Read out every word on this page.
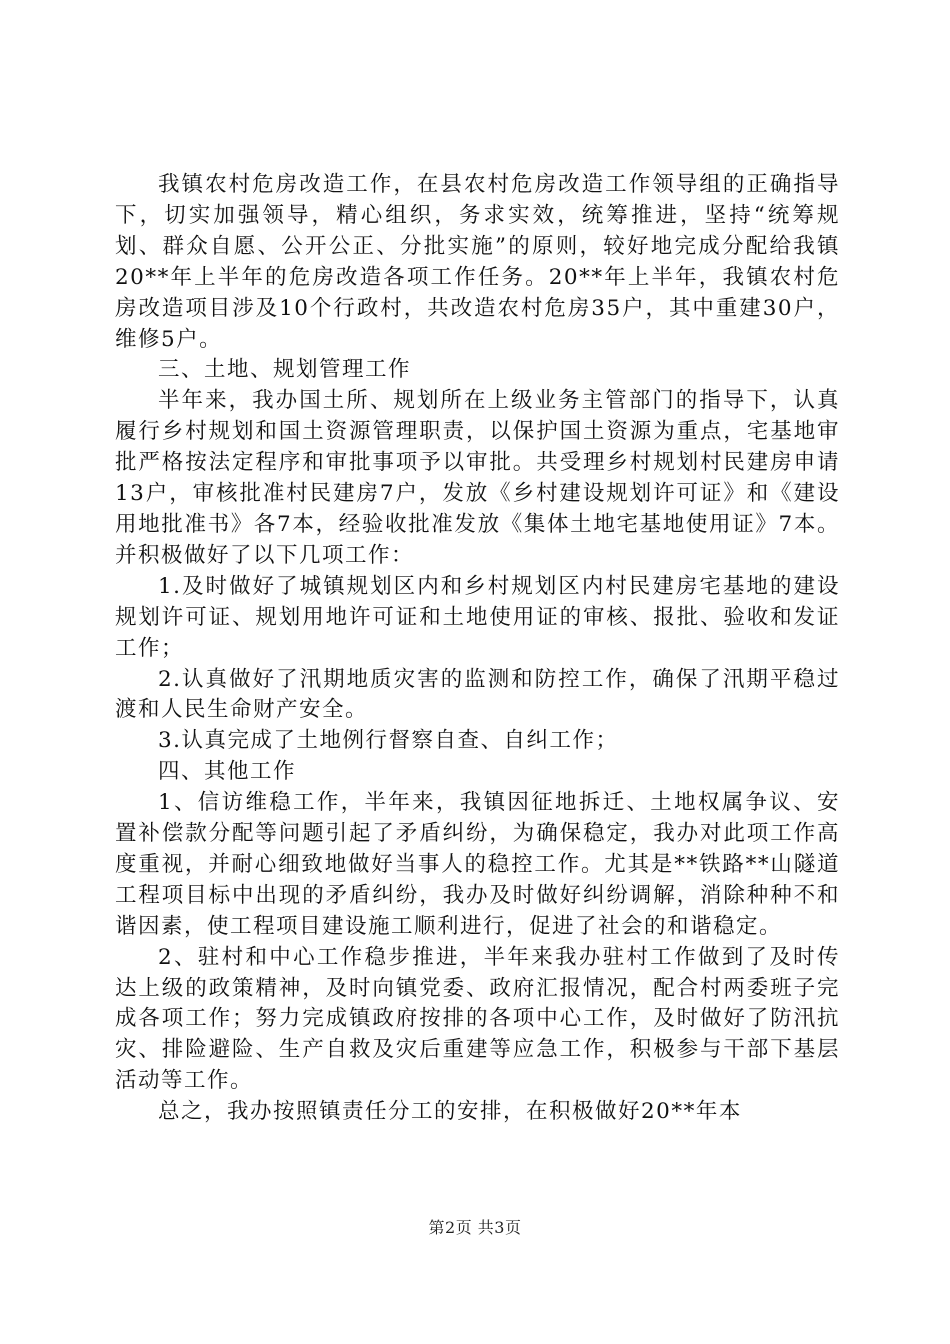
我镇农村危房改造工作，在县农村危房改造工作领导组的正确指导下，切实加强领导，精心组织，务求实效，统筹推进，坚持“统筹规划、群众自愿、公开公正、分批实施”的原则，较好地完成分配给我镇20**年上半年的危房改造各项工作任务。20**年上半年，我镇农村危房改造项目涉及10个行政村，共改造农村危房35户，其中重建30户，维修5户。

三、土地、规划管理工作

半年来，我办国土所、规划所在上级业务主管部门的指导下，认真履行乡村规划和国土资源管理职责，以保护国土资源为重点，宅基地审批严格按法定程序和审批事项予以审批。共受理乡村规划村民建房申请13户，审核批准村民建房7户，发放《乡村建设规划许可证》和《建设用地批准书》各7本，经验收批准发放《集体土地宅基地使用证》7本。并积极做好了以下几项工作：

1.及时做好了城镇规划区内和乡村规划区内村民建房宅基地的建设规划许可证、规划用地许可证和土地使用证的审核、报批、验收和发证工作；

2.认真做好了汛期地质灾害的监测和防控工作，确保了汛期平稳过渡和人民生命财产安全。

3.认真完成了土地例行督察自查、自纠工作；

四、其他工作

1、信访维稳工作，半年来，我镇因征地拆迁、土地权属争议、安置补偿款分配等问题引起了矛盾纠纷，为确保稳定，我办对此项工作高度重视，并耐心细致地做好当事人的稳控工作。尤其是**铁路**山隧道工程项目标中出现的矛盾纠纷，我办及时做好纠纷调解，消除种种不和谐因素，使工程项目建设施工顺利进行，促进了社会的和谐稳定。

2、驻村和中心工作稳步推进，半年来我办驻村工作做到了及时传达上级的政策精神，及时向镇党委、政府汇报情况，配合村两委班子完成各项工作；努力完成镇政府按排的各项中心工作，及时做好了防汛抗灾、排险避险、生产自救及灾后重建等应急工作，积极参与干部下基层活动等工作。

总之，我办按照镇责任分工的安排，在积极做好20**年本

第2页 共3页
